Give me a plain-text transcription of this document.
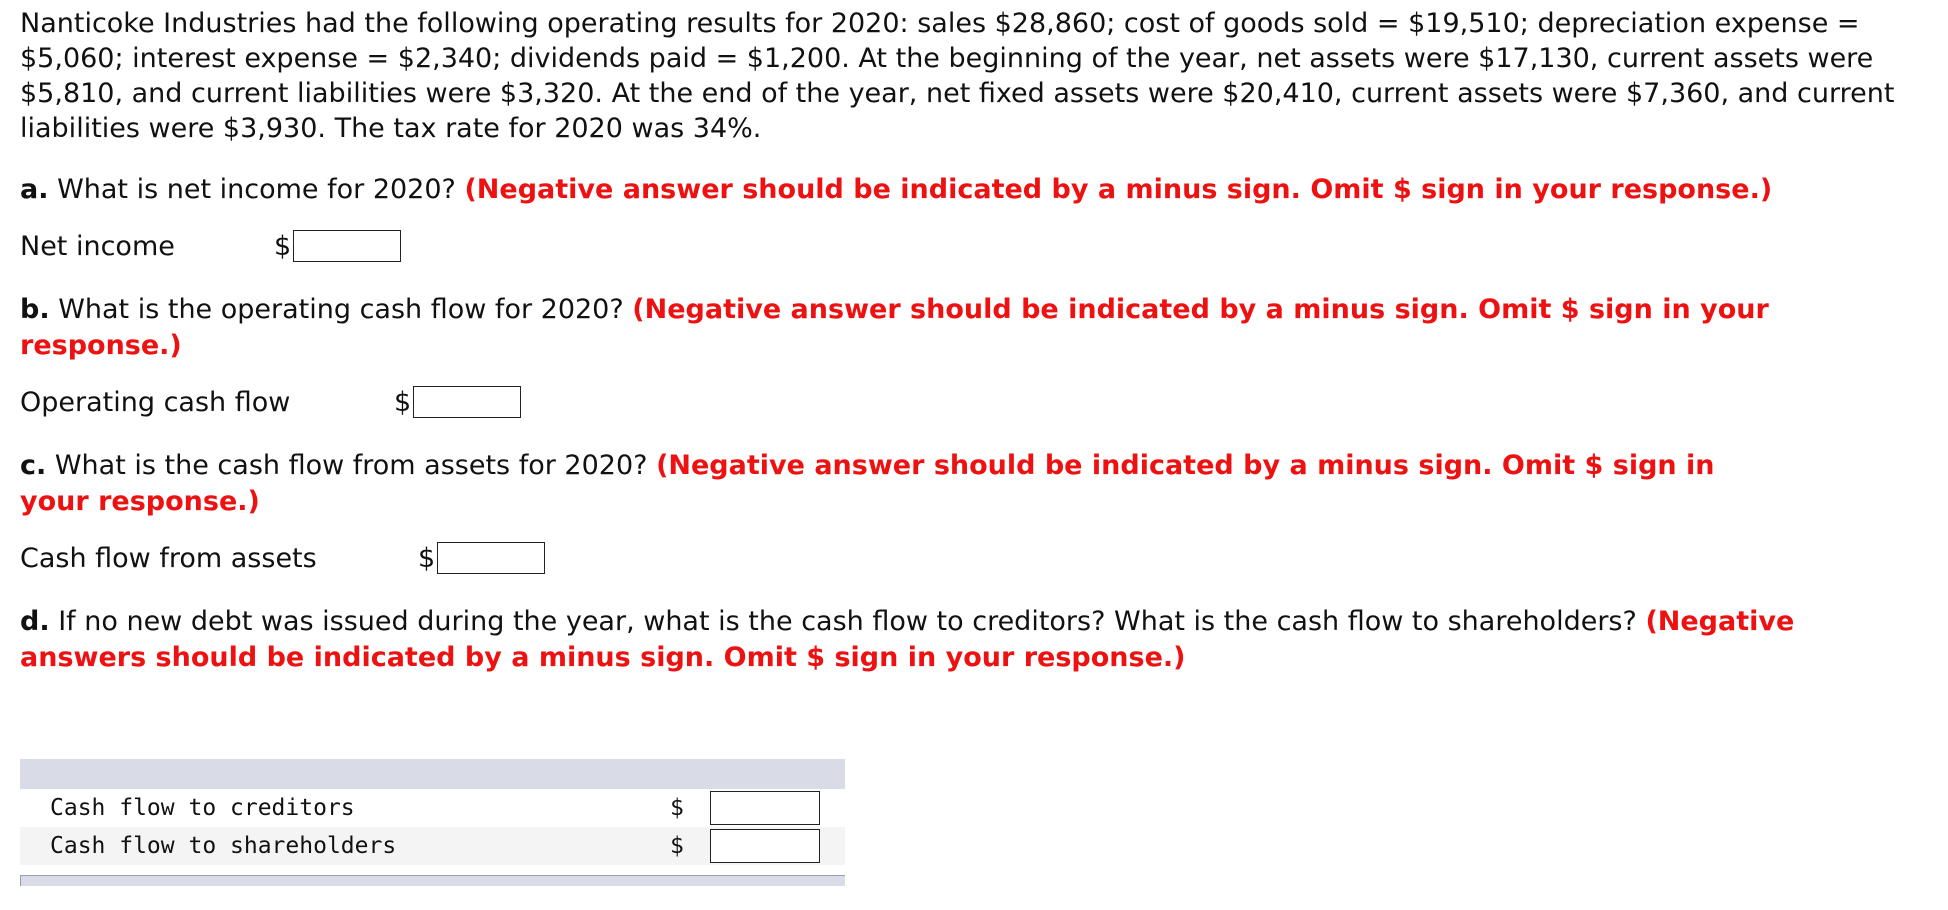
Nanticoke Industries had the following operating results for 2020: sales $28,860; cost of goods sold = $19,510; depreciation expense = $5,060; interest expense = $2,340; dividends paid = $1,200. At the beginning of the year, net assets were $17,130, current assets were $5,810, and current liabilities were $3,320. At the end of the year, net fixed assets were $20,410, current assets were $7,360, and current liabilities were $3,930. The tax rate for 2020 was 34%.

a. What is net income for 2020? (Negative answer should be indicated by a minus sign. Omit $ sign in your response.)

Net income	$

b. What is the operating cash flow for 2020? (Negative answer should be indicated by a minus sign. Omit $ sign in your response.)

Operating cash flow	$

c. What is the cash flow from assets for 2020? (Negative answer should be indicated by a minus sign. Omit $ sign in your response.)

Cash flow from assets	$

d. If no new debt was issued during the year, what is the cash flow to creditors? What is the cash flow to shareholders? (Negative answers should be indicated by a minus sign. Omit $ sign in your response.)

Cash flow to creditors	$
Cash flow to shareholders	$
